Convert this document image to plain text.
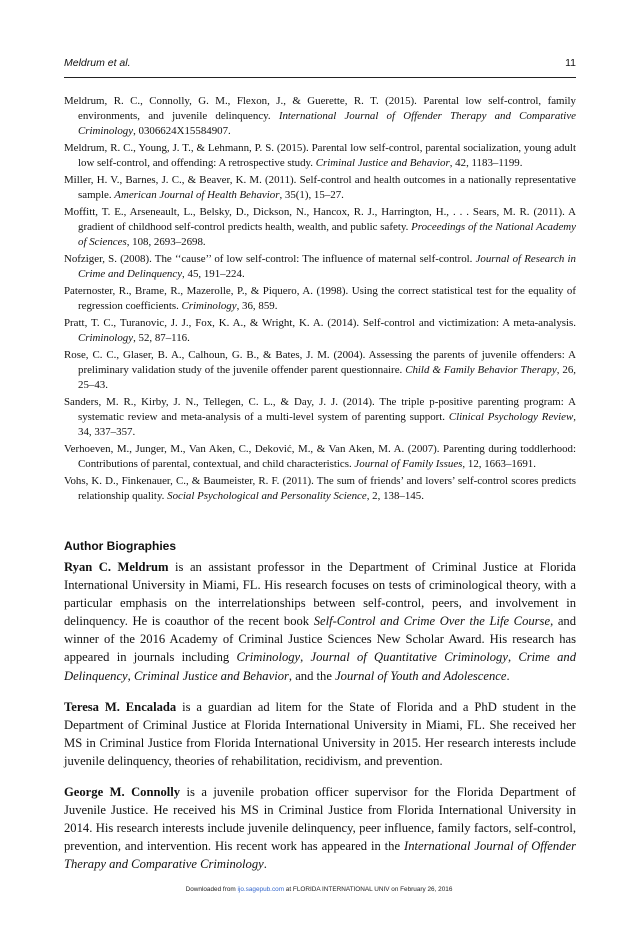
Meldrum et al.	11

Meldrum, R. C., Connolly, G. M., Flexon, J., & Guerette, R. T. (2015). Parental low self-control, family environments, and juvenile delinquency. International Journal of Offender Therapy and Comparative Criminology, 0306624X15584907.

Meldrum, R. C., Young, J. T., & Lehmann, P. S. (2015). Parental low self-control, parental socialization, young adult low self-control, and offending: A retrospective study. Criminal Justice and Behavior, 42, 1183–1199.

Miller, H. V., Barnes, J. C., & Beaver, K. M. (2011). Self-control and health outcomes in a nationally representative sample. American Journal of Health Behavior, 35(1), 15–27.

Moffitt, T. E., Arseneault, L., Belsky, D., Dickson, N., Hancox, R. J., Harrington, H., . . . Sears, M. R. (2011). A gradient of childhood self-control predicts health, wealth, and public safety. Proceedings of the National Academy of Sciences, 108, 2693–2698.

Nofziger, S. (2008). The ‘‘cause’’ of low self-control: The influence of maternal self-control. Journal of Research in Crime and Delinquency, 45, 191–224.

Paternoster, R., Brame, R., Mazerolle, P., & Piquero, A. (1998). Using the correct statistical test for the equality of regression coefficients. Criminology, 36, 859.

Pratt, T. C., Turanovic, J. J., Fox, K. A., & Wright, K. A. (2014). Self-control and victimization: A meta-analysis. Criminology, 52, 87–116.

Rose, C. C., Glaser, B. A., Calhoun, G. B., & Bates, J. M. (2004). Assessing the parents of juvenile offenders: A preliminary validation study of the juvenile offender parent questionnaire. Child & Family Behavior Therapy, 26, 25–43.

Sanders, M. R., Kirby, J. N., Tellegen, C. L., & Day, J. J. (2014). The triple p-positive parenting program: A systematic review and meta-analysis of a multi-level system of parenting support. Clinical Psychology Review, 34, 337–357.

Verhoeven, M., Junger, M., Van Aken, C., Deković, M., & Van Aken, M. A. (2007). Parenting during toddlerhood: Contributions of parental, contextual, and child characteristics. Journal of Family Issues, 12, 1663–1691.

Vohs, K. D., Finkenauer, C., & Baumeister, R. F. (2011). The sum of friends’ and lovers’ self-control scores predicts relationship quality. Social Psychological and Personality Science, 2, 138–145.

Author Biographies

Ryan C. Meldrum is an assistant professor in the Department of Criminal Justice at Florida International University in Miami, FL. His research focuses on tests of criminological theory, with a particular emphasis on the interrelationships between self-control, peers, and involvement in delinquency. He is coauthor of the recent book Self-Control and Crime Over the Life Course, and winner of the 2016 Academy of Criminal Justice Sciences New Scholar Award. His research has appeared in journals including Criminology, Journal of Quantitative Criminology, Crime and Delinquency, Criminal Justice and Behavior, and the Journal of Youth and Adolescence.

Teresa M. Encalada is a guardian ad litem for the State of Florida and a PhD student in the Department of Criminal Justice at Florida International University in Miami, FL. She received her MS in Criminal Justice from Florida International University in 2015. Her research interests include juvenile delinquency, theories of rehabilitation, recidivism, and prevention.

George M. Connolly is a juvenile probation officer supervisor for the Florida Department of Juvenile Justice. He received his MS in Criminal Justice from Florida International University in 2014. His research interests include juvenile delinquency, peer influence, family factors, self-control, prevention, and intervention. His recent work has appeared in the International Journal of Offender Therapy and Comparative Criminology.

Downloaded from ijo.sagepub.com at FLORIDA INTERNATIONAL UNIV on February 26, 2016
